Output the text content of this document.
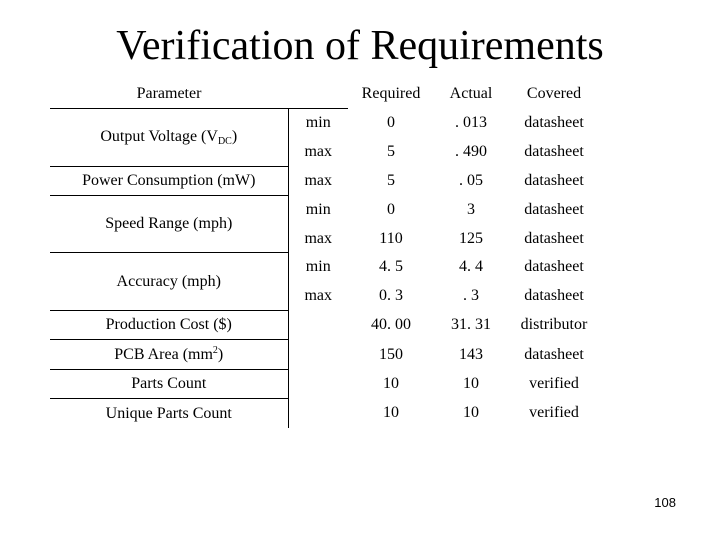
Verification of Requirements
Parameter		Required	Actual	Covered
Output Voltage $(V_{DC})$	min	0	. 013	datasheet
	max	5	. 490	datasheet
Power Consumption (mW)	max	5	. 05	datasheet
Speed Range (mph)	min	0	3	datasheet
	max	110	125	datasheet
Accuracy (mph)	min	4. 5	4. 4	datasheet
	max	0. 3	. 3	datasheet
Production Cost ($)		40. 00	31. 31	distributor
PCB Area $(mm^2)$		150	143	datasheet
Parts Count		10	10	verified
Unique Parts Count		10	10	verified
108
